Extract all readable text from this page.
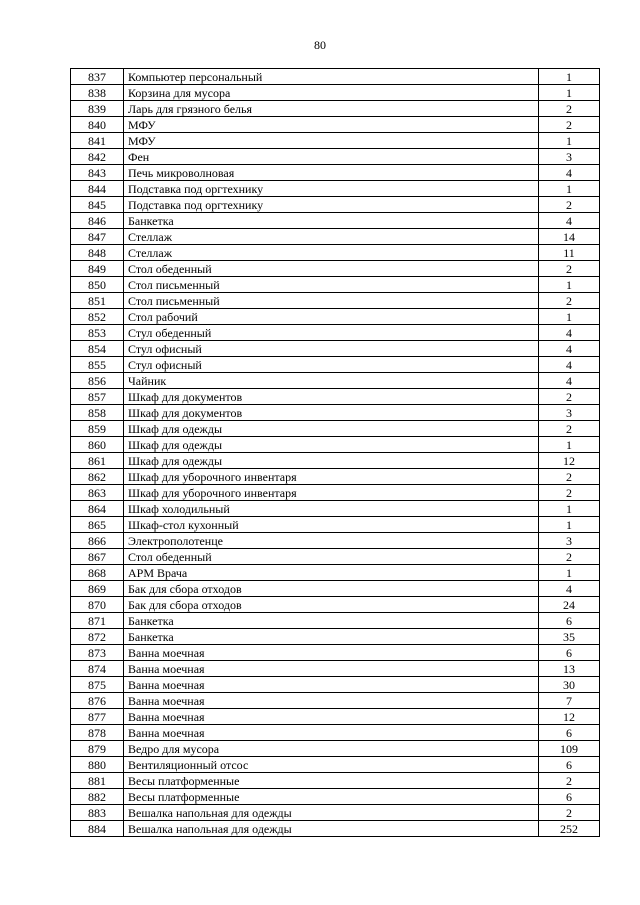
80
837	Компьютер персональный	1
838	Корзина для мусора	1
839	Ларь для грязного белья	2
840	МФУ	2
841	МФУ	1
842	Фен	3
843	Печь микроволновая	4
844	Подставка под оргтехнику	1
845	Подставка под оргтехнику	2
846	Банкетка	4
847	Стеллаж	14
848	Стеллаж	11
849	Стол обеденный	2
850	Стол письменный	1
851	Стол письменный	2
852	Стол рабочий	1
853	Стул обеденный	4
854	Стул офисный	4
855	Стул офисный	4
856	Чайник	4
857	Шкаф для документов	2
858	Шкаф для документов	3
859	Шкаф для одежды	2
860	Шкаф для одежды	1
861	Шкаф для одежды	12
862	Шкаф для уборочного инвентаря	2
863	Шкаф для уборочного инвентаря	2
864	Шкаф холодильный	1
865	Шкаф-стол кухонный	1
866	Электрополотенце	3
867	Стол обеденный	2
868	АРМ Врача	1
869	Бак для сбора отходов	4
870	Бак для сбора отходов	24
871	Банкетка	6
872	Банкетка	35
873	Ванна моечная	6
874	Ванна моечная	13
875	Ванна моечная	30
876	Ванна моечная	7
877	Ванна моечная	12
878	Ванна моечная	6
879	Ведро для мусора	109
880	Вентиляционный отсос	6
881	Весы платформенные	2
882	Весы платформенные	6
883	Вешалка напольная для одежды	2
884	Вешалка напольная для одежды	252
